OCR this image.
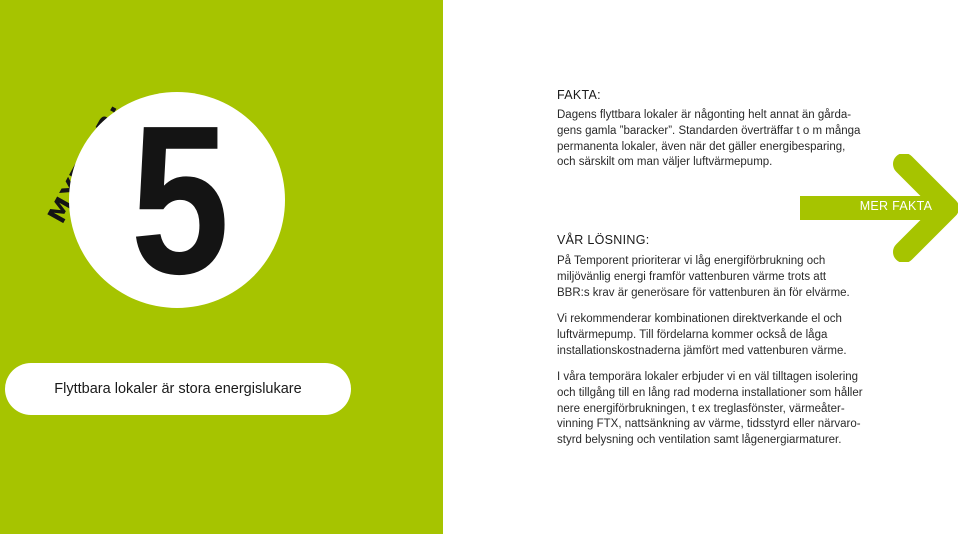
5
Flyttbara lokaler är stora energislukare
FAKTA:

Dagens flyttbara lokaler är någonting helt annat än gårda-
gens gamla ”baracker”. Standarden överträffar t o m många
permanenta lokaler, även när det gäller energibesparing,
och särskilt om man väljer luftvärmepump.

MER FAKTA
VÅR LÖSNING:

På Temporent prioriterar vi låg energiförbrukning och
miljövänlig energi framför vattenburen värme trots att
BBR:s krav är generösare för vattenburen än för elvärme.

Vi rekommenderar kombinationen direktverkande el och
luftvärmepump. Till fördelarna kommer också de låga
installationskostnaderna jämfört med vattenburen värme.

I våra temporära lokaler erbjuder vi en väl tilltagen isolering
och tillgång till en lång rad moderna installationer som håller
nere energiförbrukningen, t ex treglasfönster, värmeåter-
vinning FTX, nattsänkning av värme, tidsstyrd eller närvaro-
styrd belysning och ventilation samt lågenergiarmaturer.
